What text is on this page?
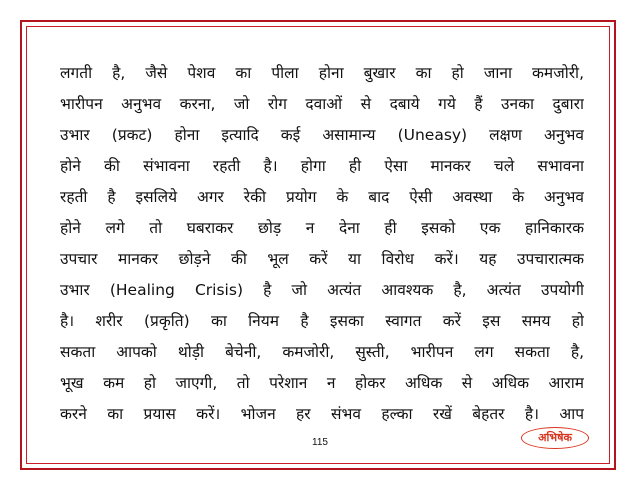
लगती है, जैसे पेशव का पीला होना बुखार का हो जाना कमजोरी,
भारीपन अनुभव करना, जो रोग दवाओं से दबाये गये हैं उनका दुबारा
उभार (प्रकट) होना इत्यादि कई असामान्य (Uneasy) लक्षण अनुभव
होने की संभावना रहती है। होगा ही ऐसा मानकर चले सभावना
रहती है इसलिये अगर रेकी प्रयोग के बाद ऐसी अवस्था के अनुभव
होने लगे तो घबराकर छोड़ न देना ही इसको एक हानिकारक
उपचार मानकर छोड़ने की भूल करें या विरोध करें। यह उपचारात्मक
उभार (Healing Crisis) है जो अत्यंत आवश्यक है, अत्यंत उपयोगी
है। शरीर (प्रकृति) का नियम है इसका स्वागत करें इस समय हो
सकता आपको थोड़ी बेचेनी, कमजोरी, सुस्ती, भारीपन लग सकता है,
भूख कम हो जाएगी, तो परेशान न होकर अधिक से अधिक आराम
करने का प्रयास करें। भोजन हर संभव हल्का रखें बेहतर है। आप
115	अभिषेक
